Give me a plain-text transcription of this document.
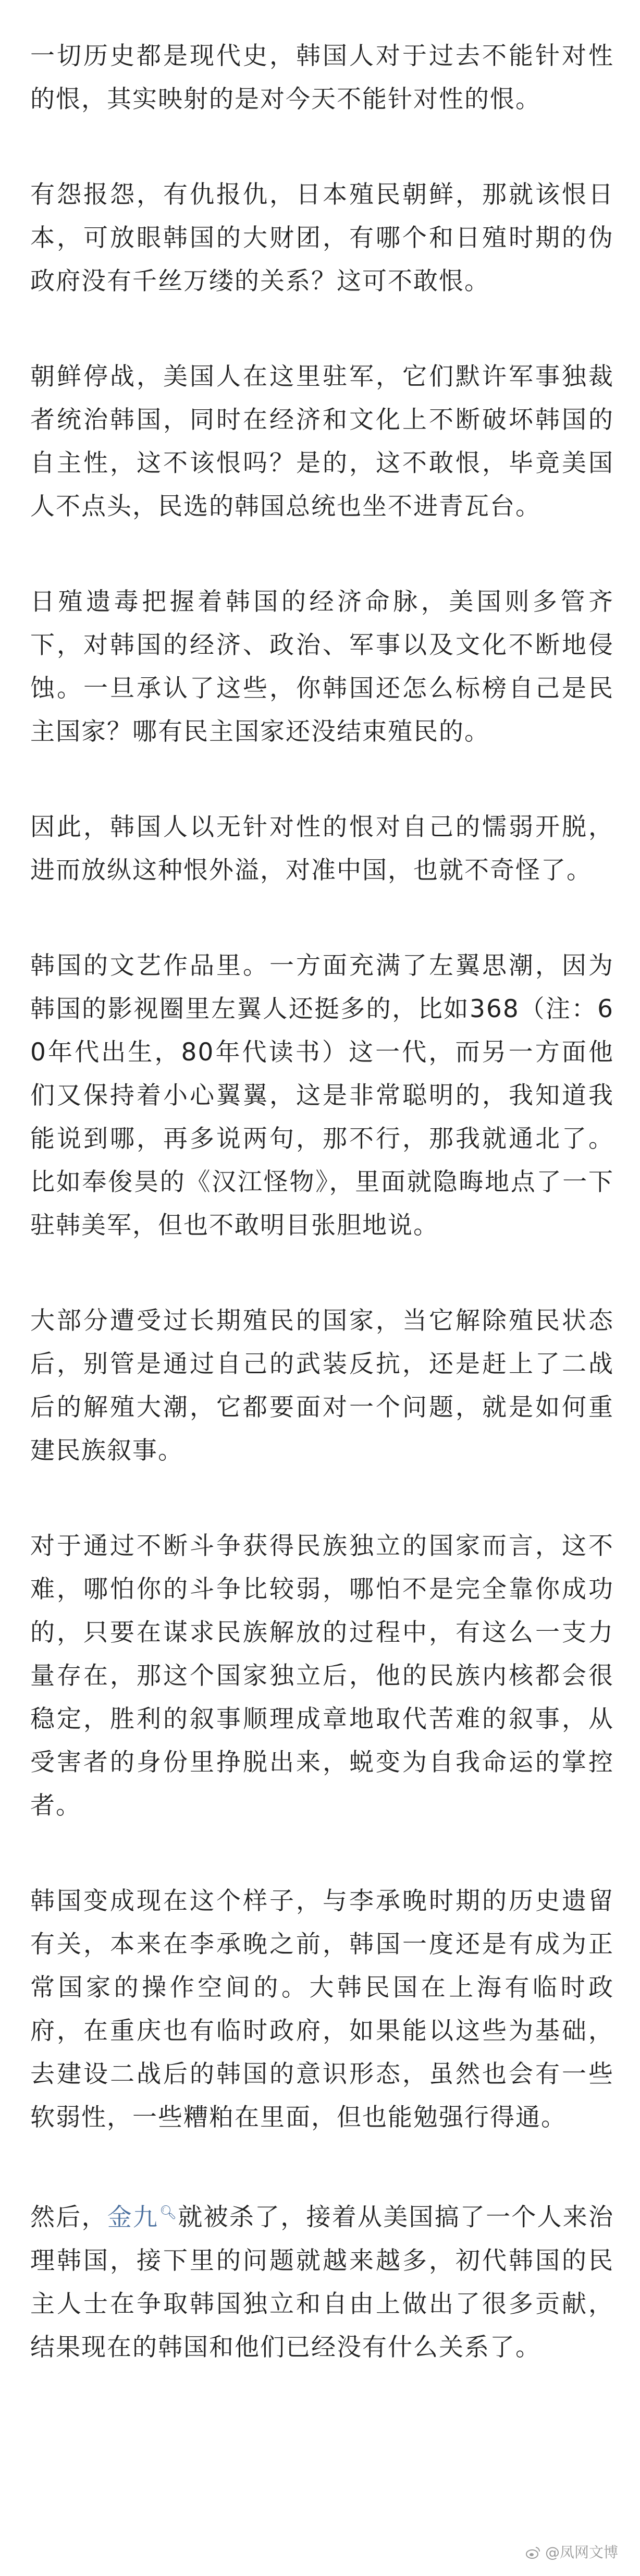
一切历史都是现代史，韩国人对于过去不能针对性的恨，其实映射的是对今天不能针对性的恨。

有怨报怨，有仇报仇，日本殖民朝鲜，那就该恨日本，可放眼韩国的大财团，有哪个和日殖时期的伪政府没有千丝万缕的关系？这可不敢恨。

朝鲜停战，美国人在这里驻军，它们默许军事独裁者统治韩国，同时在经济和文化上不断破坏韩国的自主性，这不该恨吗？是的，这不敢恨，毕竟美国人不点头，民选的韩国总统也坐不进青瓦台。

日殖遗毒把握着韩国的经济命脉，美国则多管齐下，对韩国的经济、政治、军事以及文化不断地侵蚀。一旦承认了这些，你韩国还怎么标榜自己是民主国家？哪有民主国家还没结束殖民的。

因此，韩国人以无针对性的恨对自己的懦弱开脱，进而放纵这种恨外溢，对准中国，也就不奇怪了。

韩国的文艺作品里。一方面充满了左翼思潮，因为韩国的影视圈里左翼人还挺多的，比如368（注：60年代出生，80年代读书）这一代，而另一方面他们又保持着小心翼翼，这是非常聪明的，我知道我能说到哪，再多说两句，那不行，那我就通北了。比如奉俊昊的《汉江怪物》，里面就隐晦地点了一下驻韩美军，但也不敢明目张胆地说。

大部分遭受过长期殖民的国家，当它解除殖民状态后，别管是通过自己的武装反抗，还是赶上了二战后的解殖大潮，它都要面对一个问题，就是如何重建民族叙事。

对于通过不断斗争获得民族独立的国家而言，这不难，哪怕你的斗争比较弱，哪怕不是完全靠你成功的，只要在谋求民族解放的过程中，有这么一支力量存在，那这个国家独立后，他的民族内核都会很稳定，胜利的叙事顺理成章地取代苦难的叙事，从受害者的身份里挣脱出来，蜕变为自我命运的掌控者。

韩国变成现在这个样子，与李承晚时期的历史遗留有关，本来在李承晚之前，韩国一度还是有成为正常国家的操作空间的。大韩民国在上海有临时政府，在重庆也有临时政府，如果能以这些为基础，去建设二战后的韩国的意识形态，虽然也会有一些软弱性，一些糟粕在里面，但也能勉强行得通。

然后，金九🔍︎就被杀了，接着从美国搞了一个人来治理韩国，接下里的问题就越来越多，初代韩国的民主人士在争取韩国独立和自由上做出了很多贡献，结果现在的韩国和他们已经没有什么关系了。

@凤网文博
